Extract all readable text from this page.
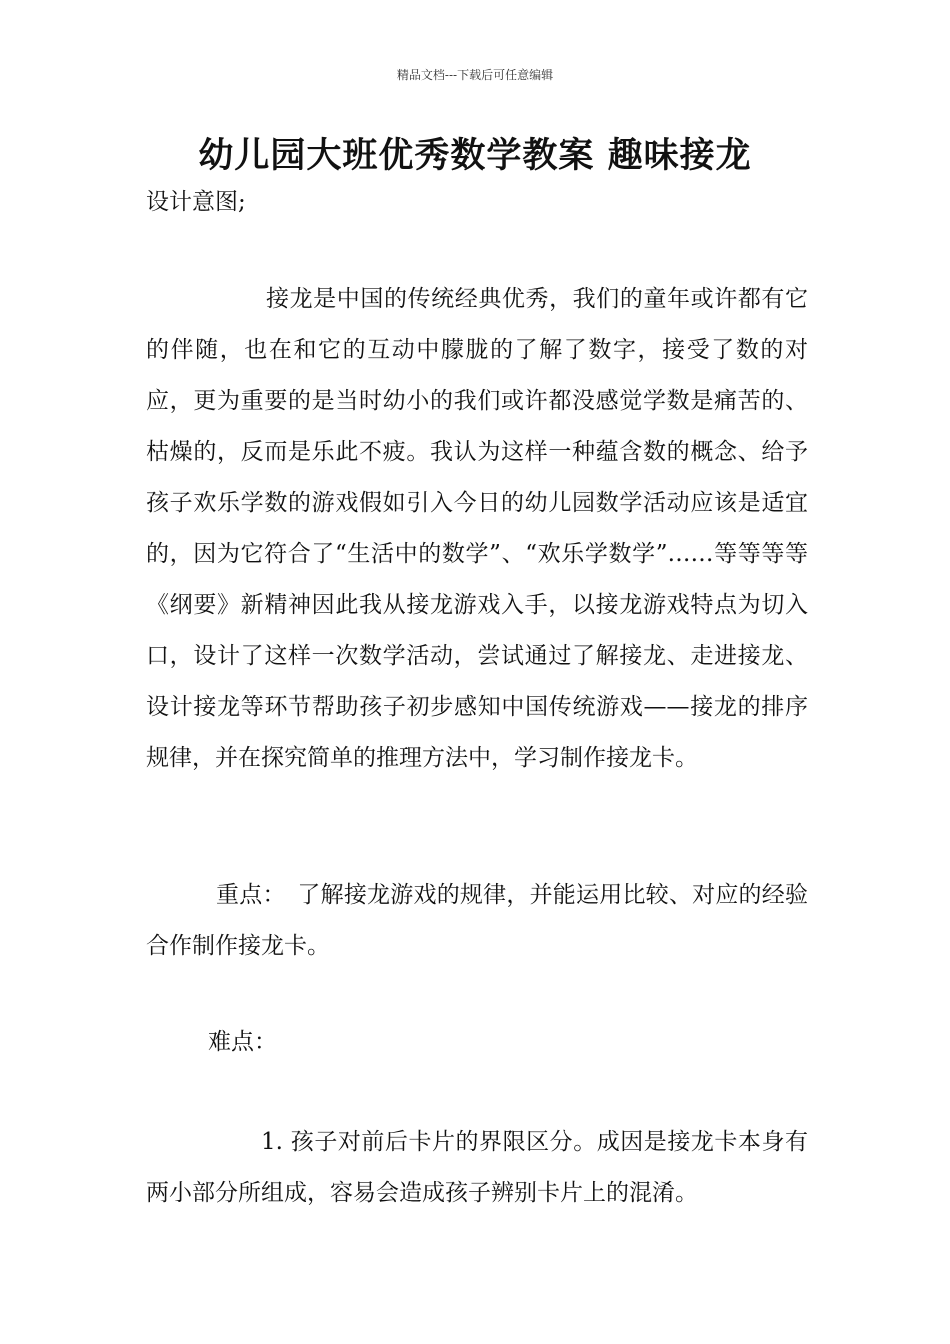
精品文档---下载后可任意编辑
幼儿园大班优秀数学教案 趣味接龙
设计意图;

接龙是中国的传统经典优秀，我们的童年或许都有它的伴随，也在和它的互动中朦胧的了解了数字，接受了数的对应，更为重要的是当时幼小的我们或许都没感觉学数是痛苦的、枯燥的，反而是乐此不疲。我认为这样一种蕴含数的概念、给予孩子欢乐学数的游戏假如引入今日的幼儿园数学活动应该是适宜的，因为它符合了“生活中的数学”、“欢乐学数学”……等等等等《纲要》新精神因此我从接龙游戏入手，以接龙游戏特点为切入口，设计了这样一次数学活动，尝试通过了解接龙、走进接龙、设计接龙等环节帮助孩子初步感知中国传统游戏——接龙的排序规律，并在探究简单的推理方法中，学习制作接龙卡。

重点：　了解接龙游戏的规律，并能运用比较、对应的经验合作制作接龙卡。

难点：

1. 孩子对前后卡片的界限区分。成因是接龙卡本身有两小部分所组成，容易会造成孩子辨别卡片上的混淆。
